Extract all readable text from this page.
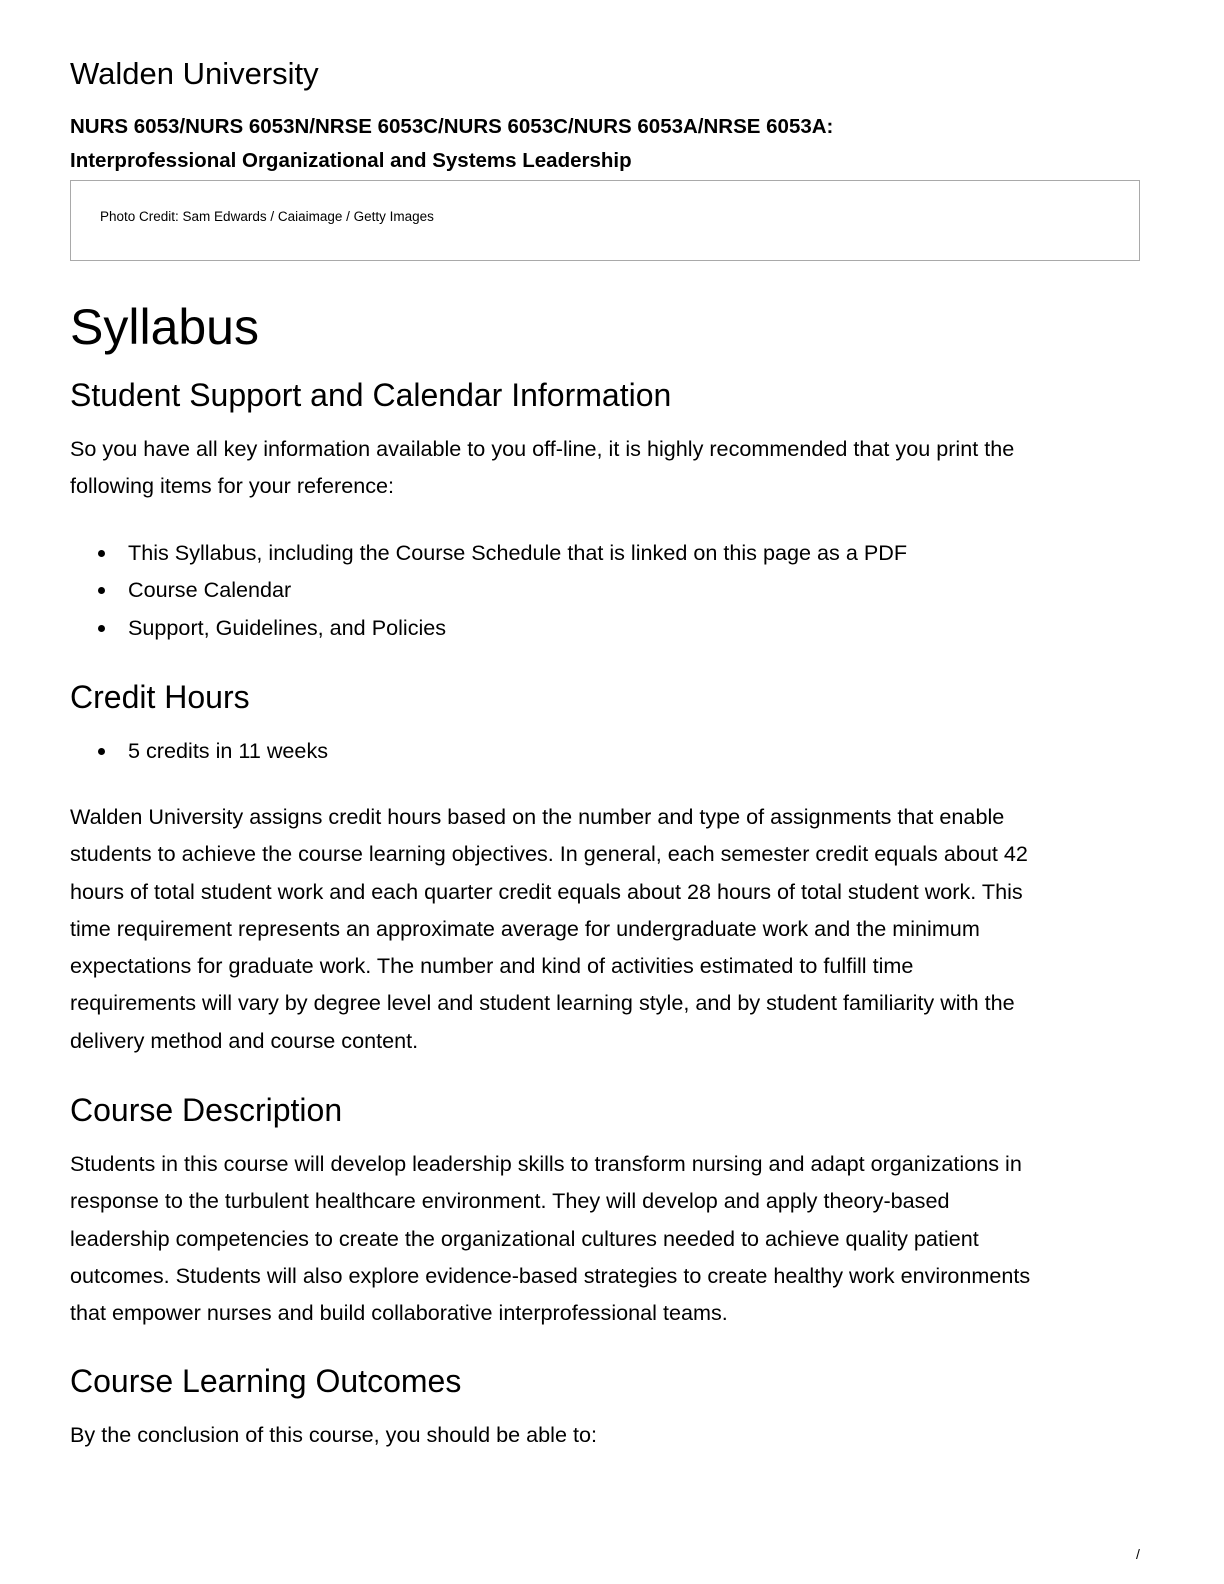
Walden University
NURS 6053/NURS 6053N/NRSE 6053C/NURS 6053C/NURS 6053A/NRSE 6053A:
Interprofessional Organizational and Systems Leadership
Photo Credit: Sam Edwards / Caiaimage / Getty Images
Syllabus
Student Support and Calendar Information

So you have all key information available to you off-line, it is highly recommended that you print the
following items for your reference:

This Syllabus, including the Course Schedule that is linked on this page as a PDF
Course Calendar
Support, Guidelines, and Policies
Credit Hours
5 credits in 11 weeks

Walden University assigns credit hours based on the number and type of assignments that enable
students to achieve the course learning objectives. In general, each semester credit equals about 42
hours of total student work and each quarter credit equals about 28 hours of total student work. This
time requirement represents an approximate average for undergraduate work and the minimum
expectations for graduate work. The number and kind of activities estimated to fulfill time
requirements will vary by degree level and student learning style, and by student familiarity with the
delivery method and course content.

Course Description

Students in this course will develop leadership skills to transform nursing and adapt organizations in
response to the turbulent healthcare environment. They will develop and apply theory-based
leadership competencies to create the organizational cultures needed to achieve quality patient
outcomes. Students will also explore evidence-based strategies to create healthy work environments
that empower nurses and build collaborative interprofessional teams.

Course Learning Outcomes

By the conclusion of this course, you should be able to:

/
